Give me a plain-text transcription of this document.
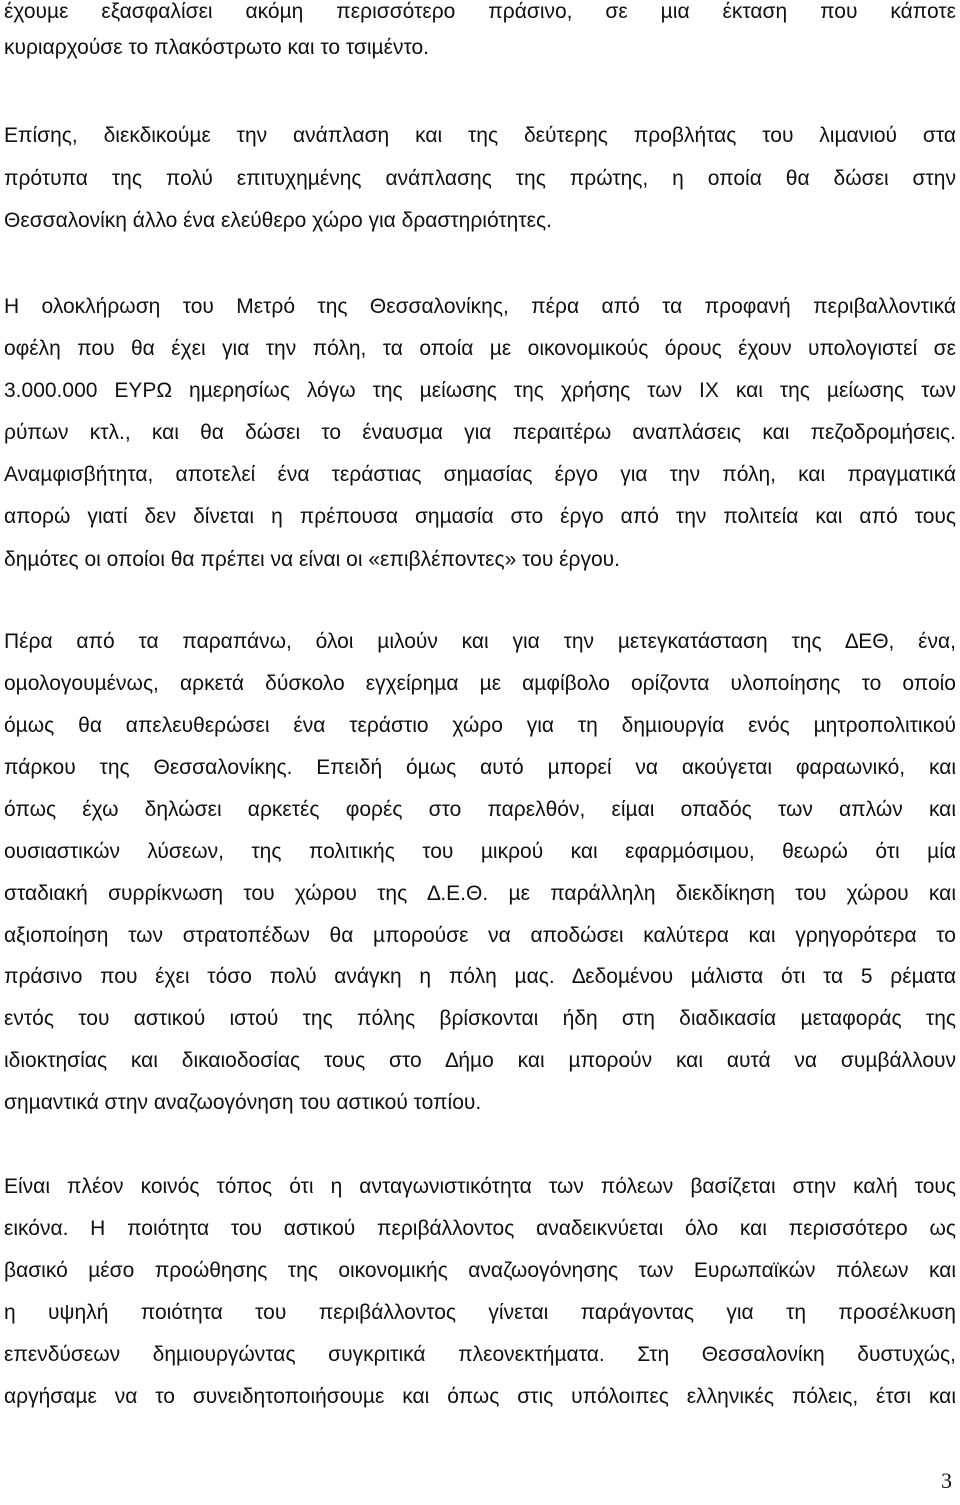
έχουµε εξασφαλίσει ακόµη περισσότερο πράσινο, σε µια έκταση που κάποτε
κυριαρχούσε το πλακόστρωτο και το τσιµέντο.
Επίσης, διεκδικούµε την ανάπλαση και της δεύτερης προβλήτας του λιµανιού στα
πρότυπα της πολύ επιτυχηµένης ανάπλασης της πρώτης, η οποία θα δώσει στην
Θεσσαλονίκη άλλο ένα ελεύθερο χώρο για δραστηριότητες.
Η ολοκλήρωση του Μετρό της Θεσσαλονίκης, πέρα από τα προφανή περιβαλλοντικά
οφέλη που θα έχει για την πόλη, τα οποία µε οικονοµικούς όρους έχουν υπολογιστεί σε
3.000.000 ΕΥΡΩ ηµερησίως λόγω της µείωσης της χρήσης των ΙΧ και της µείωσης των
ρύπων κτλ., και θα δώσει το έναυσµα για περαιτέρω αναπλάσεις και πεζοδροµήσεις.
Αναµφισβήτητα, αποτελεί ένα τεράστιας σηµασίας έργο για την πόλη, και πραγµατικά
απορώ γιατί δεν δίνεται η πρέπουσα σηµασία στο έργο από την πολιτεία και από τους
δηµότες οι οποίοι θα πρέπει να είναι οι «επιβλέποντες» του έργου.
Πέρα από τα παραπάνω, όλοι µιλούν και για την µετεγκατάσταση της ∆ΕΘ, ένα,
οµολογουµένως, αρκετά δύσκολο εγχείρηµα µε αµφίβολο ορίζοντα υλοποίησης το οποίο
όµως θα απελευθερώσει ένα τεράστιο χώρο για τη δηµιουργία ενός µητροπολιτικού
πάρκου της Θεσσαλονίκης. Επειδή όµως αυτό µπορεί να ακούγεται φαραωνικό, και
όπως έχω δηλώσει αρκετές φορές στο παρελθόν, είµαι οπαδός των απλών και
ουσιαστικών λύσεων, της πολιτικής του µικρού και εφαρµόσιµου, θεωρώ ότι µία
σταδιακή συρρίκνωση του χώρου της ∆.Ε.Θ. µε παράλληλη διεκδίκηση του χώρου και
αξιοποίηση των στρατοπέδων θα µπορούσε να αποδώσει καλύτερα και γρηγορότερα το
πράσινο που έχει τόσο πολύ ανάγκη η πόλη µας. ∆εδοµένου µάλιστα ότι τα 5 ρέµατα
εντός του αστικού ιστού της πόλης βρίσκονται ήδη στη διαδικασία µεταφοράς της
ιδιοκτησίας και δικαιοδοσίας τους στο ∆ήµο και µπορούν και αυτά να συµβάλλουν
σηµαντικά στην αναζωογόνηση του αστικού τοπίου.
Είναι πλέον κοινός τόπος ότι η ανταγωνιστικότητα των πόλεων βασίζεται στην καλή τους
εικόνα. Η ποιότητα του αστικού περιβάλλοντος αναδεικνύεται όλο και περισσότερο ως
βασικό µέσο προώθησης της οικονοµικής αναζωογόνησης των Ευρωπαϊκών πόλεων και
η υψηλή ποιότητα του περιβάλλοντος γίνεται παράγοντας για τη προσέλκυση
επενδύσεων δηµιουργώντας συγκριτικά πλεονεκτήµατα. Στη Θεσσαλονίκη δυστυχώς,
αργήσαµε να το συνειδητοποιήσουµε και όπως στις υπόλοιπες ελληνικές πόλεις, έτσι και
3
